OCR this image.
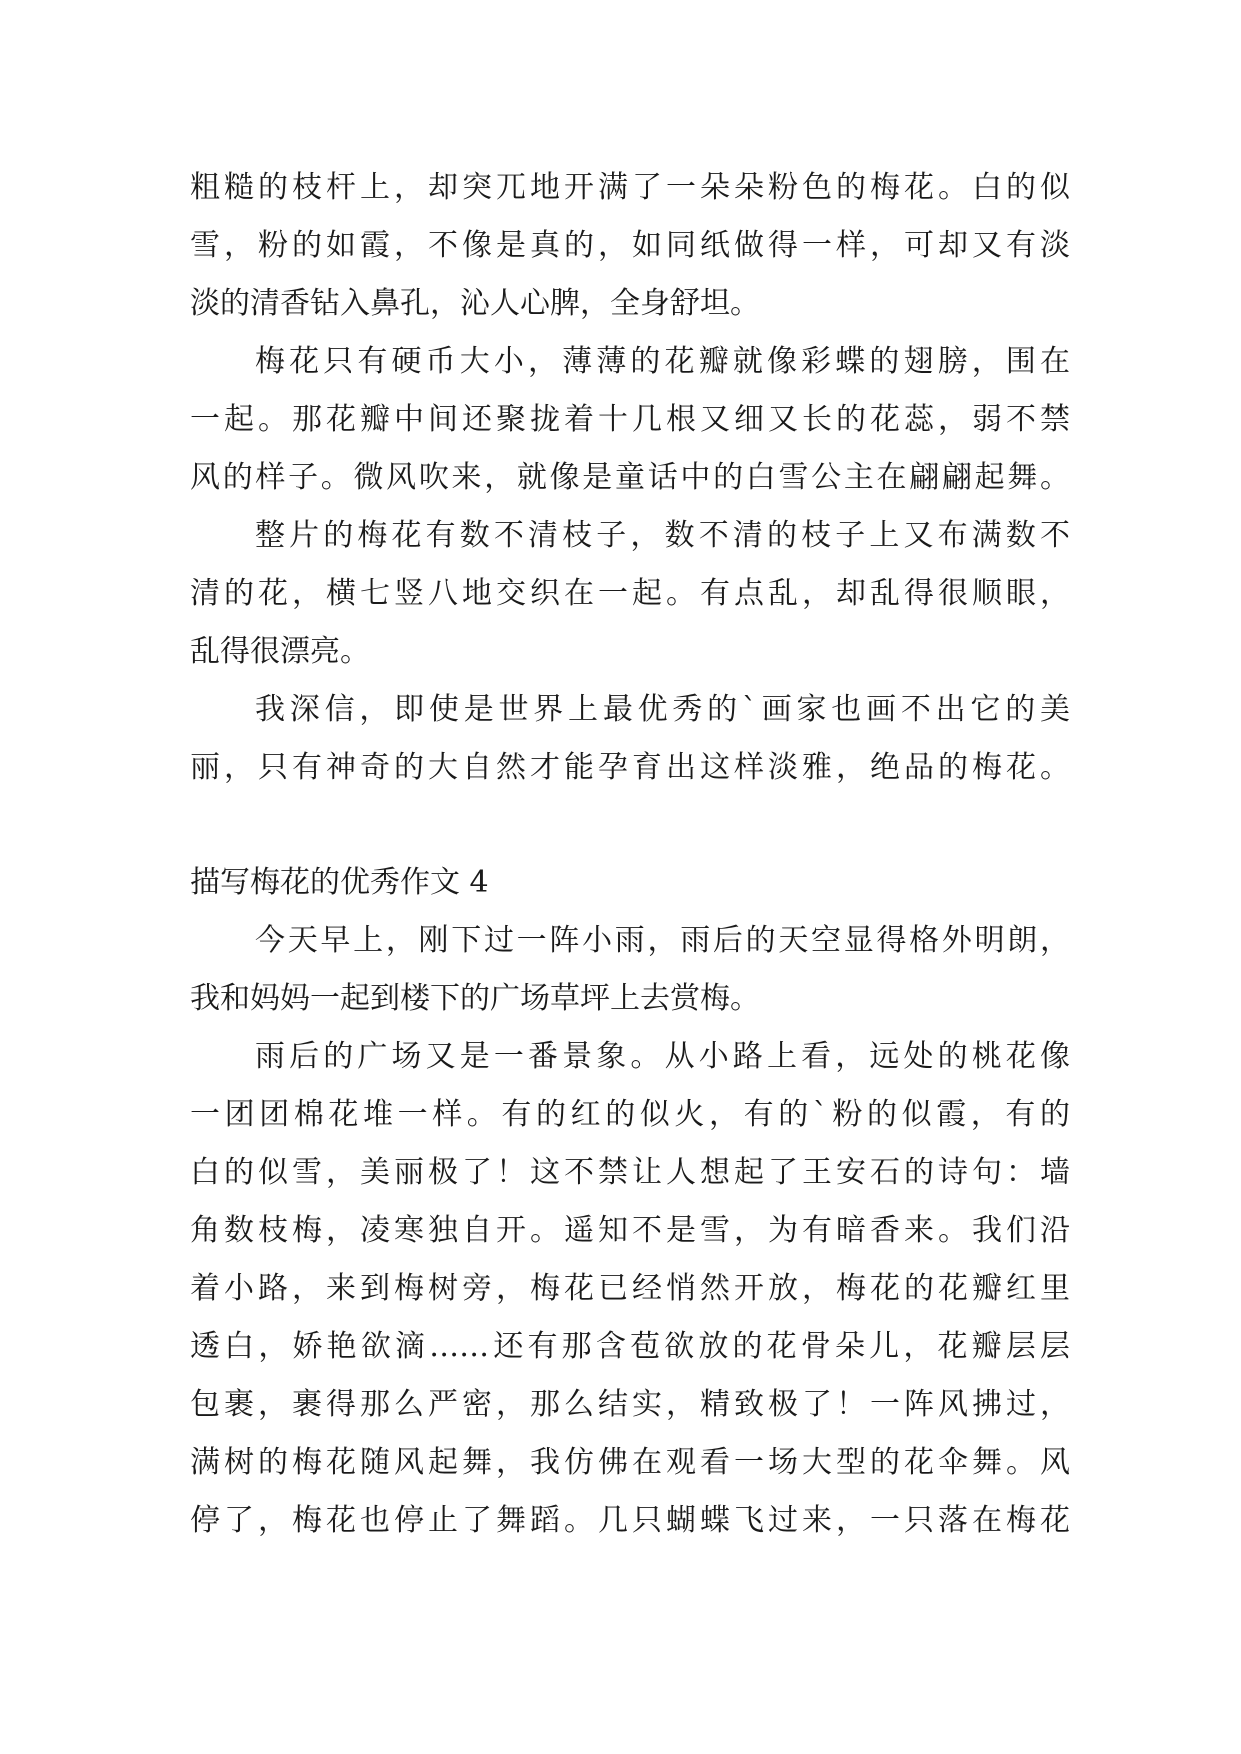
粗糙的枝杆上，却突兀地开满了一朵朵粉色的梅花。白的似
雪，粉的如霞，不像是真的，如同纸做得一样，可却又有淡
淡的清香钻入鼻孔，沁人心脾，全身舒坦。
梅花只有硬币大小，薄薄的花瓣就像彩蝶的翅膀，围在
一起。那花瓣中间还聚拢着十几根又细又长的花蕊，弱不禁
风的样子。微风吹来，就像是童话中的白雪公主在翩翩起舞。
整片的梅花有数不清枝子，数不清的枝子上又布满数不
清的花，横七竖八地交织在一起。有点乱，却乱得很顺眼，
乱得很漂亮。
我深信，即使是世界上最优秀的`画家也画不出它的美
丽，只有神奇的大自然才能孕育出这样淡雅，绝品的梅花。
描写梅花的优秀作文 4
今天早上，刚下过一阵小雨，雨后的天空显得格外明朗，
我和妈妈一起到楼下的广场草坪上去赏梅。
雨后的广场又是一番景象。从小路上看，远处的桃花像
一团团棉花堆一样。有的红的似火，有的`粉的似霞，有的
白的似雪，美丽极了！这不禁让人想起了王安石的诗句：墙
角数枝梅，凌寒独自开。遥知不是雪，为有暗香来。我们沿
着小路，来到梅树旁，梅花已经悄然开放，梅花的花瓣红里
透白，娇艳欲滴……还有那含苞欲放的花骨朵儿，花瓣层层
包裹，裹得那么严密，那么结实，精致极了！一阵风拂过，
满树的梅花随风起舞，我仿佛在观看一场大型的花伞舞。风
停了，梅花也停止了舞蹈。几只蝴蝶飞过来，一只落在梅花
